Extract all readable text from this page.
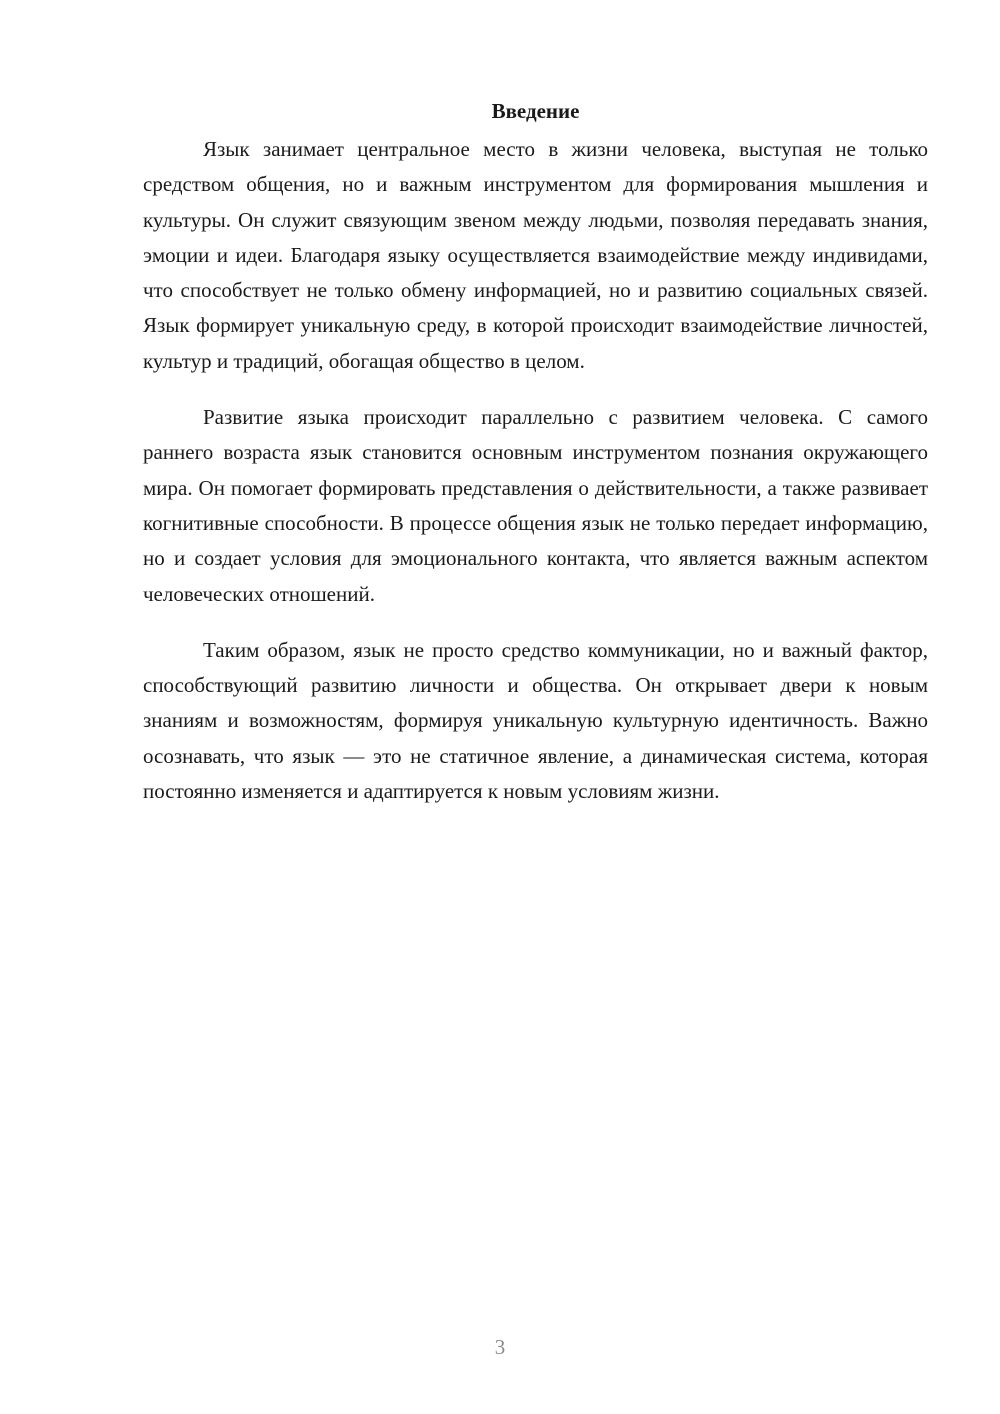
Введение

Язык занимает центральное место в жизни человека, выступая не только средством общения, но и важным инструментом для формирования мышления и культуры. Он служит связующим звеном между людьми, позволяя передавать знания, эмоции и идеи. Благодаря языку осуществляется взаимодействие между индивидами, что способствует не только обмену информацией, но и развитию социальных связей. Язык формирует уникальную среду, в которой происходит взаимодействие личностей, культур и традиций, обогащая общество в целом.

Развитие языка происходит параллельно с развитием человека. С самого раннего возраста язык становится основным инструментом познания окружающего мира. Он помогает формировать представления о действительности, а также развивает когнитивные способности. В процессе общения язык не только передает информацию, но и создает условия для эмоционального контакта, что является важным аспектом человеческих отношений.

Таким образом, язык не просто средство коммуникации, но и важный фактор, способствующий развитию личности и общества. Он открывает двери к новым знаниям и возможностям, формируя уникальную культурную идентичность. Важно осознавать, что язык — это не статичное явление, а динамическая система, которая постоянно изменяется и адаптируется к новым условиям жизни.

3
